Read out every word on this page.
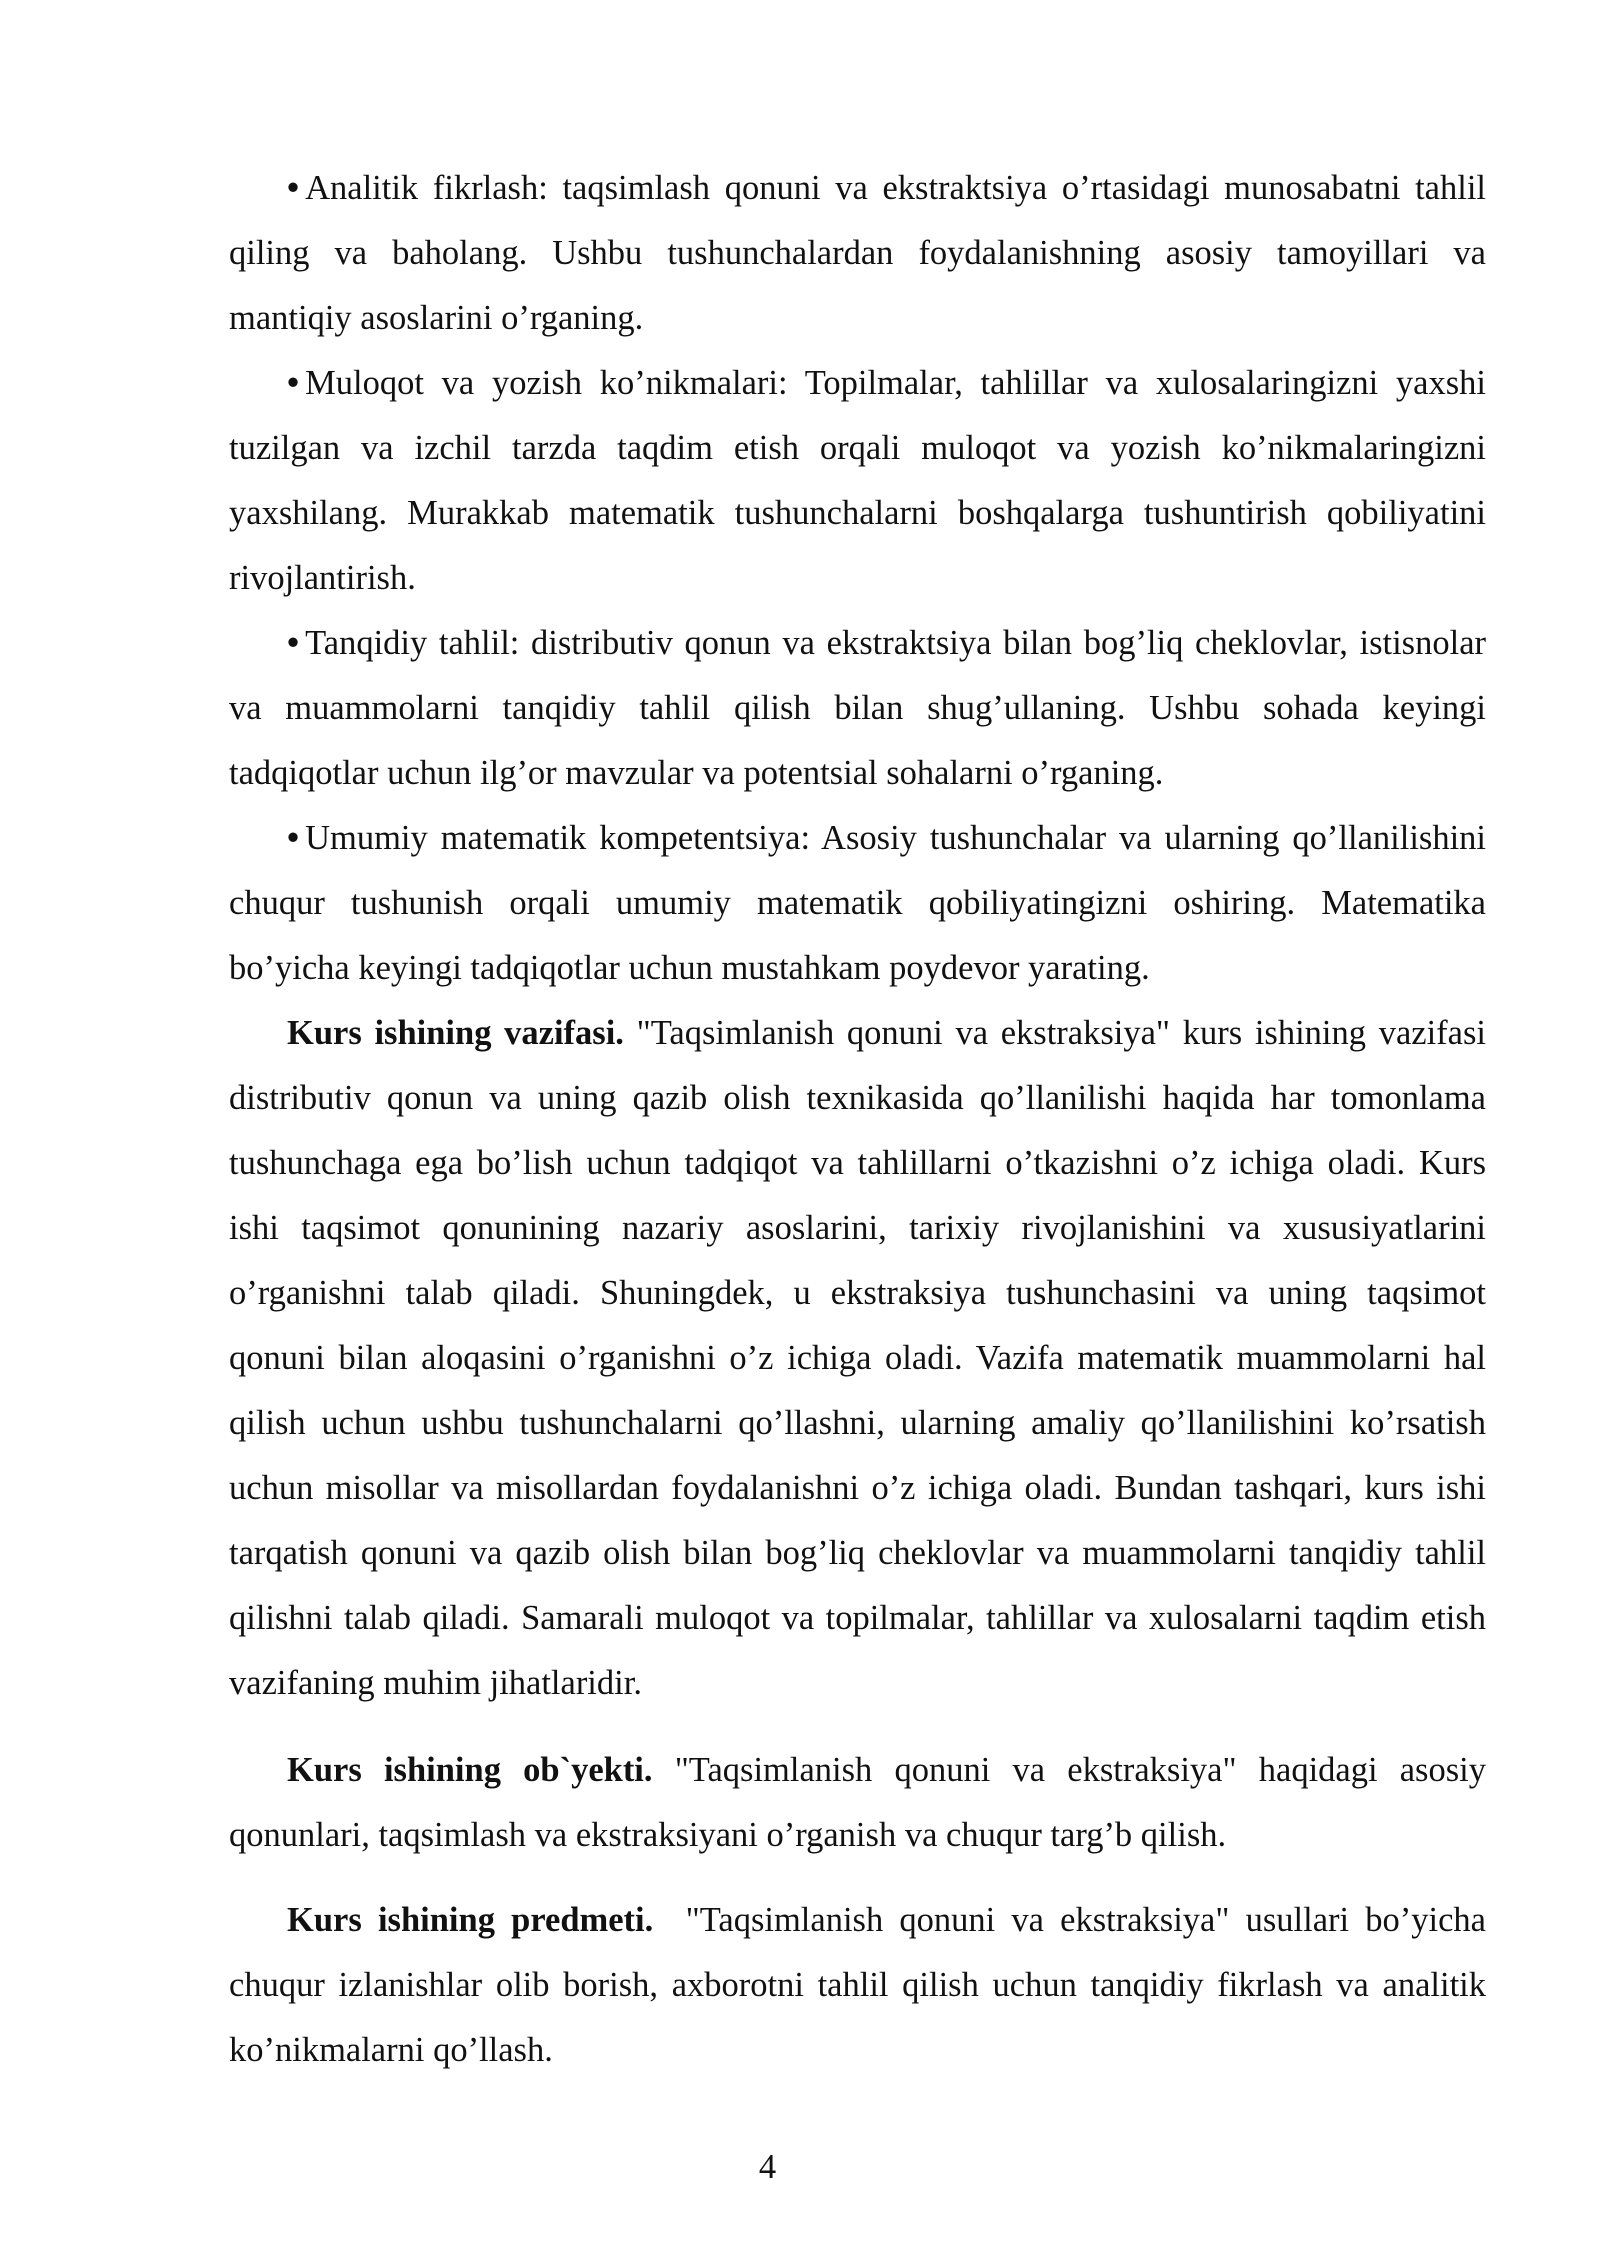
• Analitik fikrlash: taqsimlash qonuni va ekstraktsiya o’rtasidagi munosabatni tahlil qiling va baholang. Ushbu tushunchalardan foydalanishning asosiy tamoyillari va mantiqiy asoslarini o’rganing.

• Muloqot va yozish ko’nikmalari: Topilmalar, tahlillar va xulosalaringizni yaxshi tuzilgan va izchil tarzda taqdim etish orqali muloqot va yozish ko’nikmalaringizni yaxshilang. Murakkab matematik tushunchalarni boshqalarga tushuntirish qobiliyatini rivojlantirish.

• Tanqidiy tahlil: distributiv qonun va ekstraktsiya bilan bog’liq cheklovlar, istisnolar va muammolarni tanqidiy tahlil qilish bilan shug’ullaning. Ushbu sohada keyingi tadqiqotlar uchun ilg’or mavzular va potentsial sohalarni o’rganing.

• Umumiy matematik kompetentsiya: Asosiy tushunchalar va ularning qo’llanilishini chuqur tushunish orqali umumiy matematik qobiliyatingizni oshiring. Matematika bo’yicha keyingi tadqiqotlar uchun mustahkam poydevor yarating.

Kurs ishining vazifasi. "Taqsimlanish qonuni va ekstraksiya" kurs ishining vazifasi distributiv qonun va uning qazib olish texnikasida qo’llanilishi haqida har tomonlama tushunchaga ega bo’lish uchun tadqiqot va tahlillarni o’tkazishni o’z ichiga oladi. Kurs ishi taqsimot qonunining nazariy asoslarini, tarixiy rivojlanishini va xususiyatlarini o’rganishni talab qiladi. Shuningdek, u ekstraksiya tushunchasini va uning taqsimot qonuni bilan aloqasini o’rganishni o’z ichiga oladi. Vazifa matematik muammolarni hal qilish uchun ushbu tushunchalarni qo’llashni, ularning amaliy qo’llanilishini ko’rsatish uchun misollar va misollardan foydalanishni o’z ichiga oladi. Bundan tashqari, kurs ishi tarqatish qonuni va qazib olish bilan bog’liq cheklovlar va muammolarni tanqidiy tahlil qilishni talab qiladi. Samarali muloqot va topilmalar, tahlillar va xulosalarni taqdim etish vazifaning muhim jihatlaridir.

Kurs ishining ob`yekti. "Taqsimlanish qonuni va ekstraksiya" haqidagi asosiy qonunlari, taqsimlash va ekstraksiyani o’rganish va chuqur targ’b qilish.

Kurs ishining predmeti.  "Taqsimlanish qonuni va ekstraksiya" usullari bo’yicha chuqur izlanishlar olib borish, axborotni tahlil qilish uchun tanqidiy fikrlash va analitik ko’nikmalarni qo’llash.

4
